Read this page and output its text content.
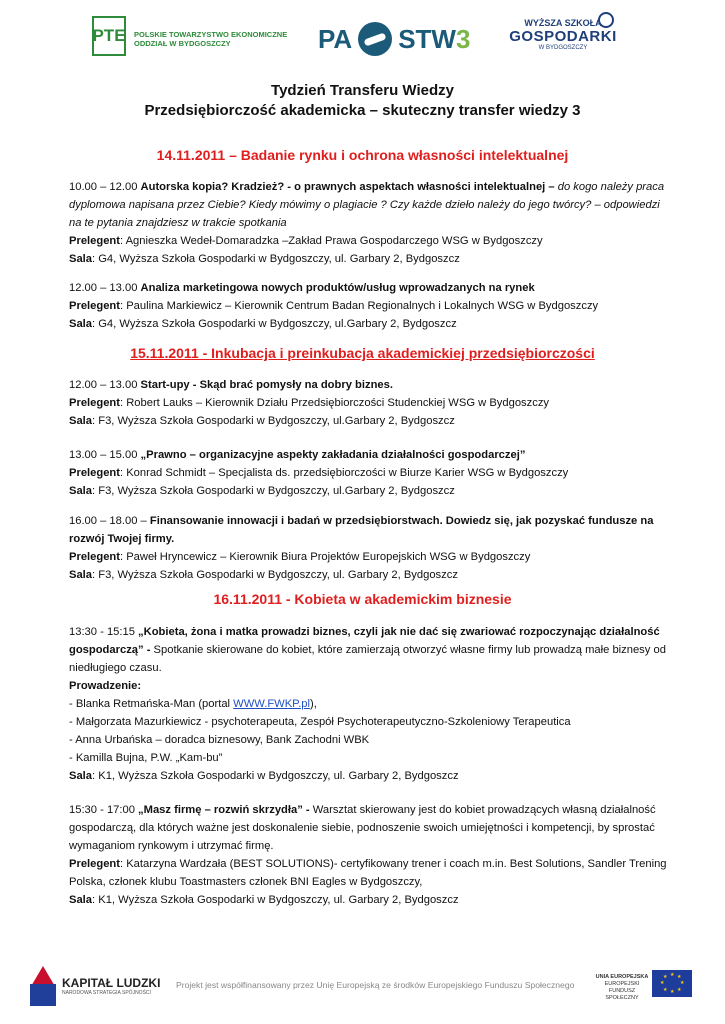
PTE POLSKIE TOWARZYSTWO EKONOMICZNE
ODDZIAŁ W BYDGOSZCZY	PA STW3
WYŻSZA SZKOŁA
GOSPODARKI
W BYDGOSZCZY
Tydzień Transferu Wiedzy
Przedsiębiorczość akademicka – skuteczny transfer wiedzy 3
14.11.2011 – Badanie rynku i ochrona własności intelektualnej
10.00 – 12.00 Autorska kopia? Kradzież? - o prawnych aspektach własności intelektualnej – do kogo należy praca dyplomowa napisana przez Ciebie? Kiedy mówimy o plagiacie ? Czy każde dzieło należy do jego twórcy? – odpowiedzi na te pytania znajdziesz w trakcie spotkania
Prelegent: Agnieszka Wedeł-Domaradzka –Zakład Prawa Gospodarczego WSG w Bydgoszczy
Sala: G4, Wyższa Szkoła Gospodarki w Bydgoszczy, ul. Garbary 2, Bydgoszcz
12.00 – 13.00 Analiza marketingowa nowych produktów/usług wprowadzanych na rynek
Prelegent: Paulina Markiewicz – Kierownik Centrum Badan Regionalnych i Lokalnych WSG w Bydgoszczy
Sala: G4, Wyższa Szkoła Gospodarki w Bydgoszczy, ul.Garbary 2, Bydgoszcz
15.11.2011 - Inkubacja i preinkubacja akademickiej przedsiębiorczości
12.00 – 13.00 Start-upy - Skąd brać pomysły na dobry biznes.
Prelegent: Robert Lauks – Kierownik Działu Przedsiębiorczości Studenckiej WSG w Bydgoszczy
Sala: F3, Wyższa Szkoła Gospodarki w Bydgoszczy, ul.Garbary 2, Bydgoszcz
13.00 – 15.00 „Prawno – organizacyjne aspekty zakładania działalności gospodarczej”
Prelegent: Konrad Schmidt – Specjalista ds. przedsiębiorczości w Biurze Karier WSG w Bydgoszczy
Sala: F3, Wyższa Szkoła Gospodarki w Bydgoszczy, ul.Garbary 2, Bydgoszcz
16.00 – 18.00 – Finansowanie innowacji i badań w przedsiębiorstwach. Dowiedz się, jak pozyskać fundusze na rozwój Twojej firmy.
Prelegent: Paweł Hryncewicz – Kierownik Biura Projektów Europejskich WSG w Bydgoszczy
Sala: F3, Wyższa Szkoła Gospodarki w Bydgoszczy, ul. Garbary 2, Bydgoszcz
16.11.2011 - Kobieta w akademickim biznesie
13:30 - 15:15 „Kobieta, żona i matka prowadzi biznes, czyli jak nie dać się zwariować rozpoczynając działalność gospodarczą” - Spotkanie skierowane do kobiet, które zamierzają otworzyć własne firmy lub prowadzą małe biznesy od niedługiego czasu.
Prowadzenie:
- Blanka Retmańska-Man (portal WWW.FWKP.pl),
- Małgorzata Mazurkiewicz - psychoterapeuta, Zespół Psychoterapeutyczno-Szkoleniowy Terapeutica
- Anna Urbańska – doradca biznesowy, Bank Zachodni WBK
- Kamilla Bujna, P.W. „Kam-bu”
Sala: K1, Wyższa Szkoła Gospodarki w Bydgoszczy, ul. Garbary 2, Bydgoszcz
15:30 - 17:00 „Masz firmę – rozwiń skrzydła” - Warsztat skierowany jest do kobiet prowadzących własną działalność gospodarczą, dla których ważne jest doskonalenie siebie, podnoszenie swoich umiejętności i kompetencji, by sprostać wymaganiom rynkowym i utrzymać firmę.
Prelegent: Katarzyna Wardzała (BEST SOLUTIONS)- certyfikowany trener i coach m.in. Best Solutions, Sandler Trening Polska, członek klubu Toastmasters członek BNI Eagles w Bydgoszczy,
Sala: K1, Wyższa Szkoła Gospodarki w Bydgoszczy, ul. Garbary 2, Bydgoszcz
KAPITAŁ LUDZKI
NARODOWA STRATEGIA SPÓJNOŚCI
Projekt jest współfinansowany przez Unię Europejską ze środków Europejskiego Funduszu Społecznego
UNIA EUROPEJSKA
EUROPEJSKI
FUNDUSZ SPOŁECZNY
★ ★
★
★
★
★
★
★
